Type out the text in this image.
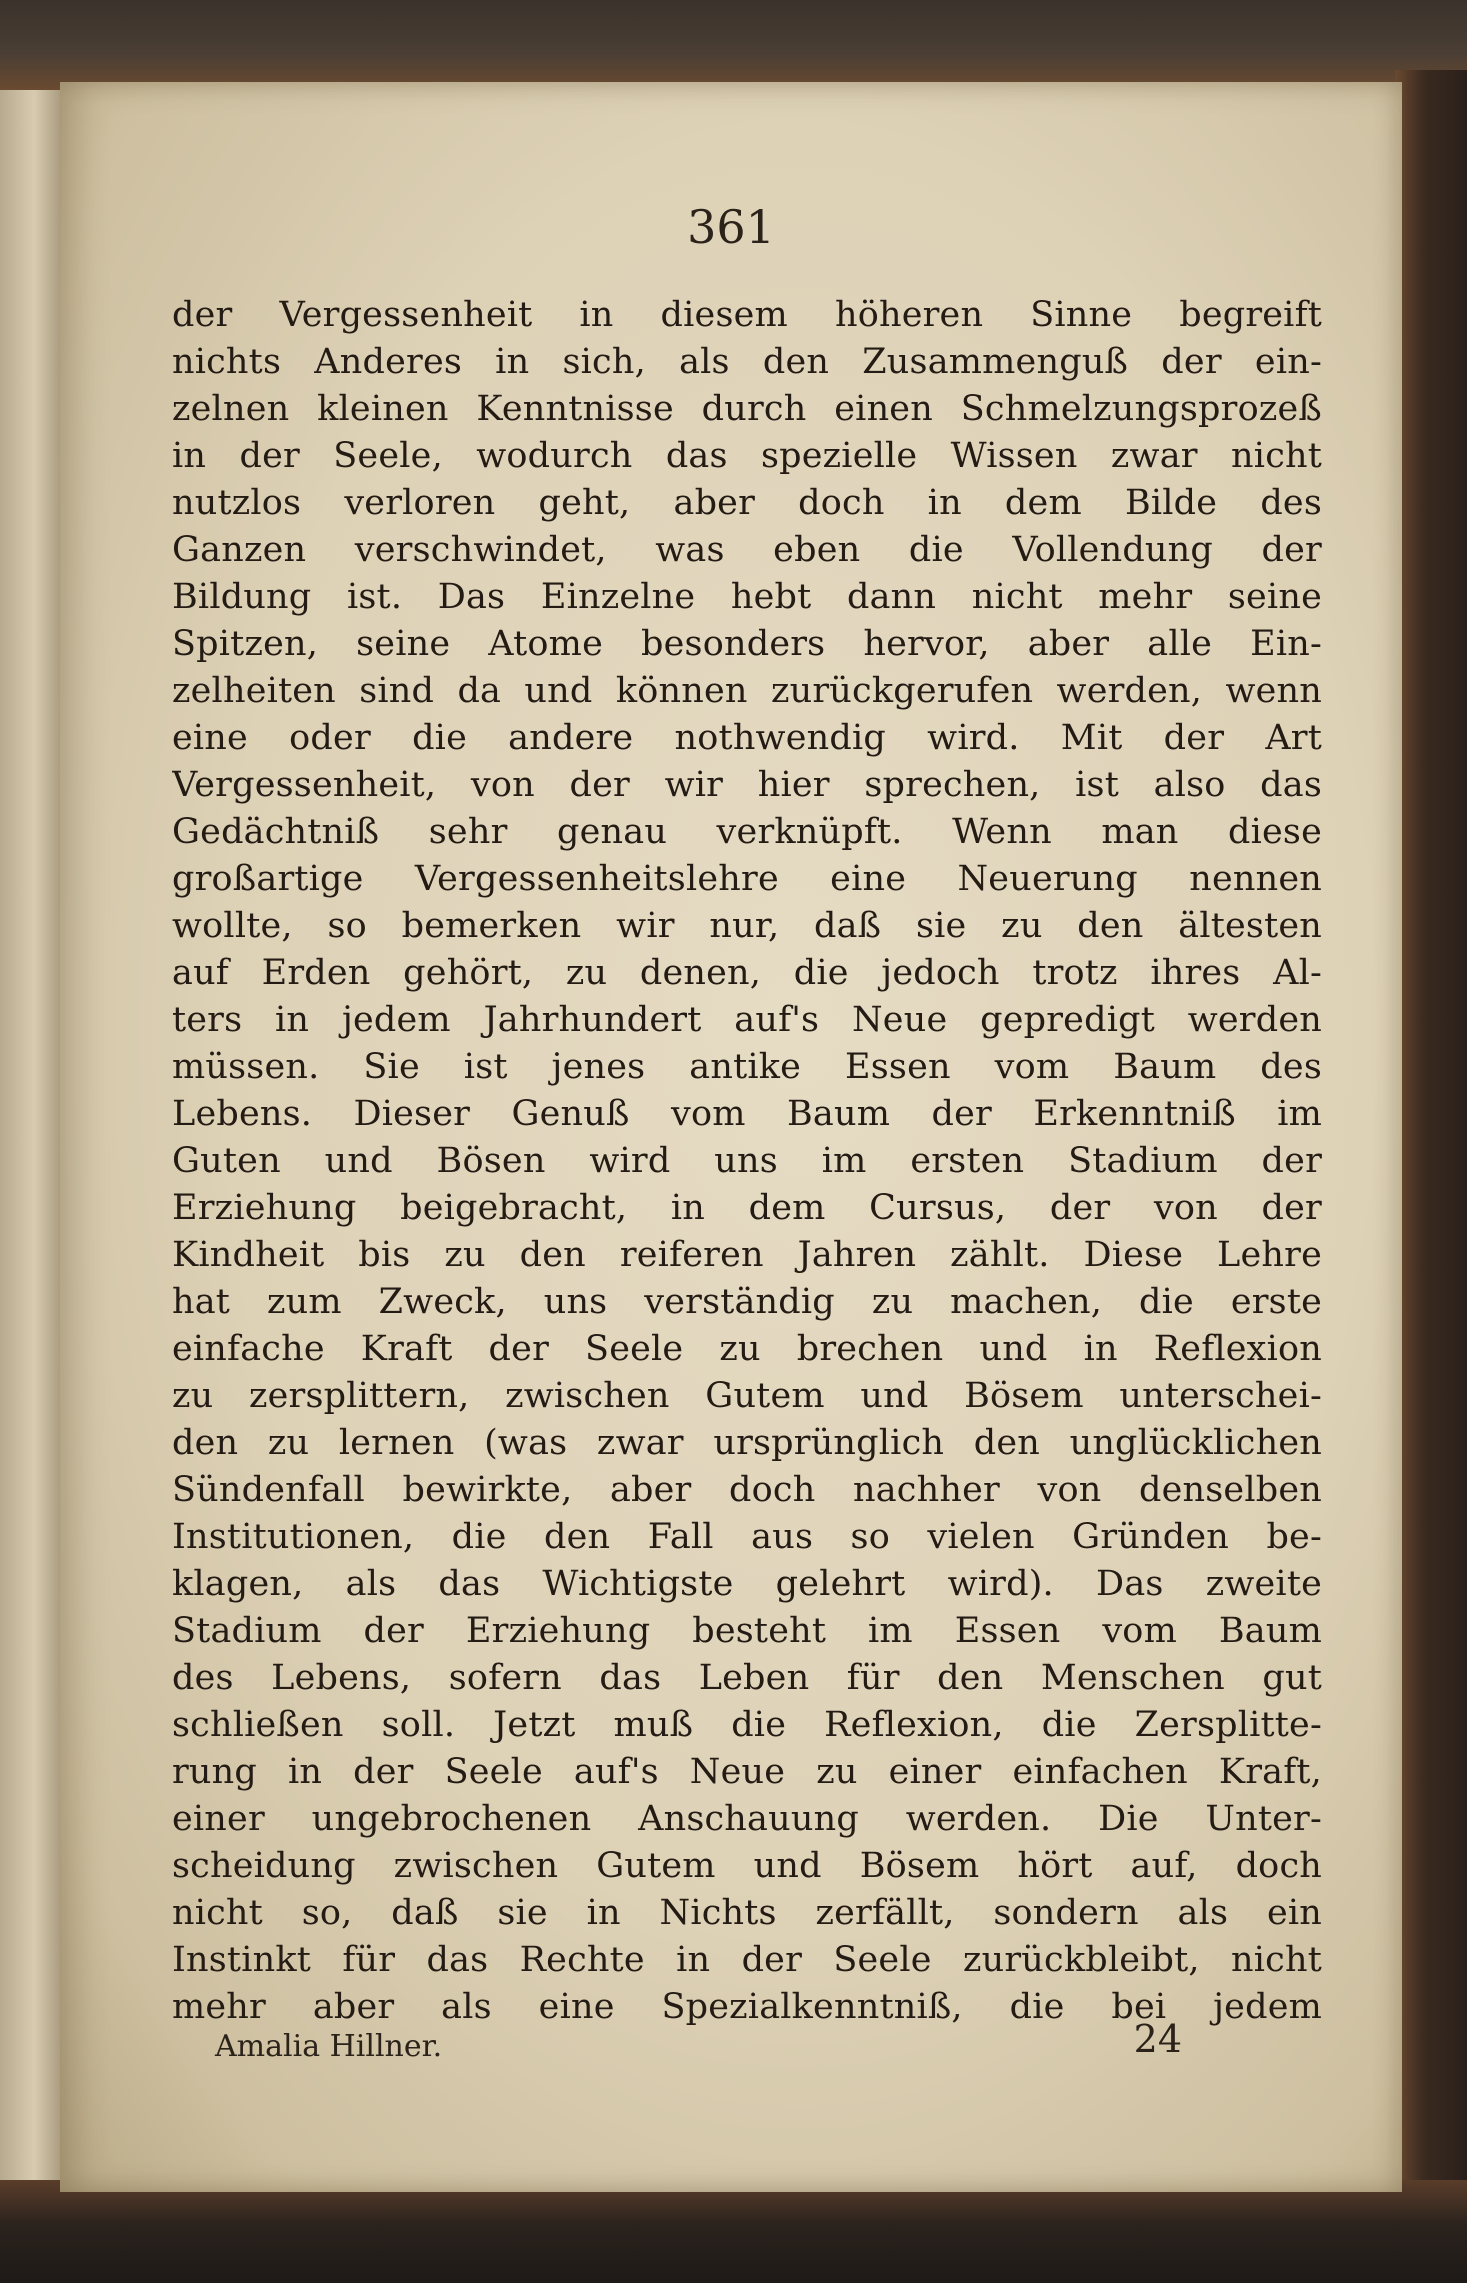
361
der Vergessenheit in diesem höheren Sinne begreift
nichts Anderes in sich, als den Zusammenguß der ein-
zelnen kleinen Kenntnisse durch einen Schmelzungsprozeß
in der Seele, wodurch das spezielle Wissen zwar nicht
nutzlos verloren geht, aber doch in dem Bilde des
Ganzen verschwindet, was eben die Vollendung der
Bildung ist. Das Einzelne hebt dann nicht mehr seine
Spitzen, seine Atome besonders hervor, aber alle Ein-
zelheiten sind da und können zurückgerufen werden, wenn
eine oder die andere nothwendig wird. Mit der Art
Vergessenheit, von der wir hier sprechen, ist also das
Gedächtniß sehr genau verknüpft. Wenn man diese
großartige Vergessenheitslehre eine Neuerung nennen
wollte, so bemerken wir nur, daß sie zu den ältesten
auf Erden gehört, zu denen, die jedoch trotz ihres Al-
ters in jedem Jahrhundert auf's Neue gepredigt werden
müssen. Sie ist jenes antike Essen vom Baum des
Lebens. Dieser Genuß vom Baum der Erkenntniß im
Guten und Bösen wird uns im ersten Stadium der
Erziehung beigebracht, in dem Cursus, der von der
Kindheit bis zu den reiferen Jahren zählt. Diese Lehre
hat zum Zweck, uns verständig zu machen, die erste
einfache Kraft der Seele zu brechen und in Reflexion
zu zersplittern, zwischen Gutem und Bösem unterschei-
den zu lernen (was zwar ursprünglich den unglücklichen
Sündenfall bewirkte, aber doch nachher von denselben
Institutionen, die den Fall aus so vielen Gründen be-
klagen, als das Wichtigste gelehrt wird). Das zweite
Stadium der Erziehung besteht im Essen vom Baum
des Lebens, sofern das Leben für den Menschen gut
schließen soll. Jetzt muß die Reflexion, die Zersplitte-
rung in der Seele auf's Neue zu einer einfachen Kraft,
einer ungebrochenen Anschauung werden. Die Unter-
scheidung zwischen Gutem und Bösem hört auf, doch
nicht so, daß sie in Nichts zerfällt, sondern als ein
Instinkt für das Rechte in der Seele zurückbleibt, nicht
mehr aber als eine Spezialkenntniß, die bei jedem
Amalia Hillner.	24
